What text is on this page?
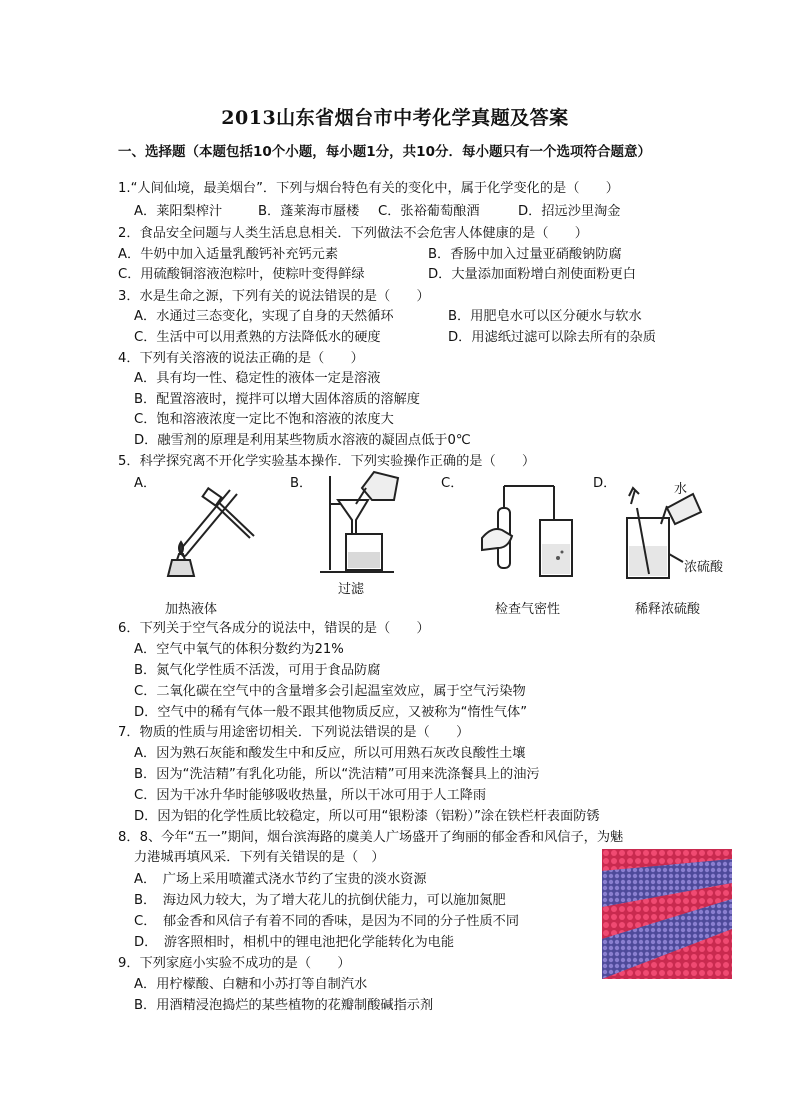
2013山东省烟台市中考化学真题及答案
一、选择题（本题包括10个小题，每小题1分，共10分．每小题只有一个选项符合题意）
1.“人间仙境，最美烟台”．下列与烟台特色有关的变化中，属于化学变化的是（　　）
A．莱阳梨榨汁	B．蓬莱海市蜃楼 C．张裕葡萄酿酒	D．招远沙里淘金
2．食品安全问题与人类生活息息相关．下列做法不会危害人体健康的是（　　）
A．牛奶中加入适量乳酸钙补充钙元素	B．香肠中加入过量亚硝酸钠防腐
C．用硫酸铜溶液泡粽叶，使粽叶变得鲜绿	D．大量添加面粉增白剂使面粉更白
3．水是生命之源，下列有关的说法错误的是（　　）
A．水通过三态变化，实现了自身的天然循环	B．用肥皂水可以区分硬水与软水
C．生活中可以用煮熟的方法降低水的硬度	D．用滤纸过滤可以除去所有的杂质
4．下列有关溶液的说法正确的是（　　）
A．具有均一性、稳定性的液体一定是溶液
B．配置溶液时，搅拌可以增大固体溶质的溶解度
C．饱和溶液浓度一定比不饱和溶液的浓度大
D．融雪剂的原理是利用某些物质水溶液的凝固点低于0℃
5．科学探究离不开化学实验基本操作．下列实验操作正确的是（　　）
A．	B．	C．	D．
加热液体
过滤
检查气密性
水
浓硫酸
稀释浓硫酸
6．下列关于空气各成分的说法中，错误的是（　　）
A．空气中氧气的体积分数约为21%
B．氮气化学性质不活泼，可用于食品防腐
C．二氧化碳在空气中的含量增多会引起温室效应，属于空气污染物
D．空气中的稀有气体一般不跟其他物质反应，又被称为“惰性气体”
7．物质的性质与用途密切相关．下列说法错误的是（　　）
A．因为熟石灰能和酸发生中和反应，所以可用熟石灰改良酸性土壤
B．因为“洗洁精”有乳化功能，所以“洗洁精”可用来洗涤餐具上的油污
C．因为干冰升华时能够吸收热量，所以干冰可用于人工降雨
D．因为铝的化学性质比较稳定，所以可用“银粉漆（铝粉）”涂在铁栏杆表面防锈
8．8、今年“五一”期间，烟台滨海路的虞美人广场盛开了绚丽的郁金香和风信子，为魅
力港城再填风采．下列有关错误的是（　）
A．　广场上采用喷灌式浇水节约了宝贵的淡水资源
B．　海边风力较大，为了增大花儿的抗倒伏能力，可以施加氮肥
C．　郁金香和风信子有着不同的香味，是因为不同的分子性质不同
D．　游客照相时，相机中的锂电池把化学能转化为电能
9．下列家庭小实验不成功的是（　　）
A．用柠檬酸、白糖和小苏打等自制汽水
B．用酒精浸泡捣烂的某些植物的花瓣制酸碱指示剂
